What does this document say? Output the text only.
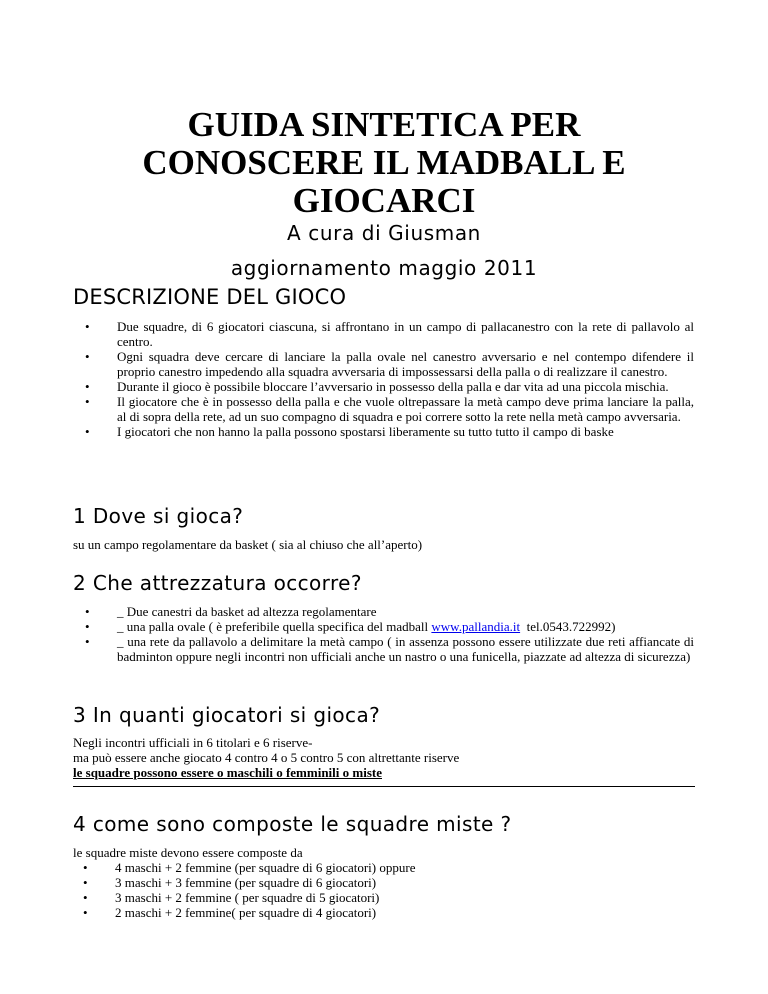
GUIDA SINTETICA PER
CONOSCERE IL MADBALL E
GIOCARCI

A cura di Giusman

aggiornamento maggio 2011

DESCRIZIONE DEL GIOCO
• Due squadre, di 6 giocatori ciascuna, si affrontano in un campo di pallacanestro con la rete di pallavolo al centro.
• Ogni squadra deve cercare di lanciare la palla ovale nel canestro avversario e nel contempo difendere il proprio canestro impedendo alla squadra avversaria di impossessarsi della palla o di realizzare il canestro.
• Durante il gioco è possibile bloccare l’avversario in possesso della palla e dar vita ad una piccola mischia.
• Il giocatore che è in possesso della palla e che vuole oltrepassare la metà campo deve prima lanciare la palla, al di sopra della rete, ad un suo compagno di squadra e poi correre sotto la rete nella metà campo avversaria.
• I giocatori che non hanno la palla possono spostarsi liberamente su tutto tutto il campo di baske
1 Dove si gioca?
su un campo regolamentare da basket ( sia al chiuso che all’aperto)
2 Che attrezzatura occorre?
• _ Due canestri da basket ad altezza regolamentare
• _ una palla ovale ( è preferibile quella specifica del madball www.pallandia.it  tel.0543.722992)
• _ una rete da pallavolo a delimitare la metà campo ( in assenza possono essere utilizzate due reti affiancate di badminton oppure negli incontri non ufficiali anche un nastro o una funicella, piazzate ad altezza di sicurezza)
3 In quanti giocatori si gioca?
Negli incontri ufficiali in 6 titolari e 6 riserve-
ma può essere anche giocato 4 contro 4 o 5 contro 5 con altrettante riserve
le squadre possono essere o maschili o femminili o miste
4 come sono composte le squadre miste ?
le squadre miste devono essere composte da
• 4 maschi + 2 femmine (per squadre di 6 giocatori) oppure
• 3 maschi + 3 femmine (per squadre di 6 giocatori)
• 3 maschi + 2 femmine ( per squadre di 5 giocatori)
• 2 maschi + 2 femmine( per squadre di 4 giocatori)
